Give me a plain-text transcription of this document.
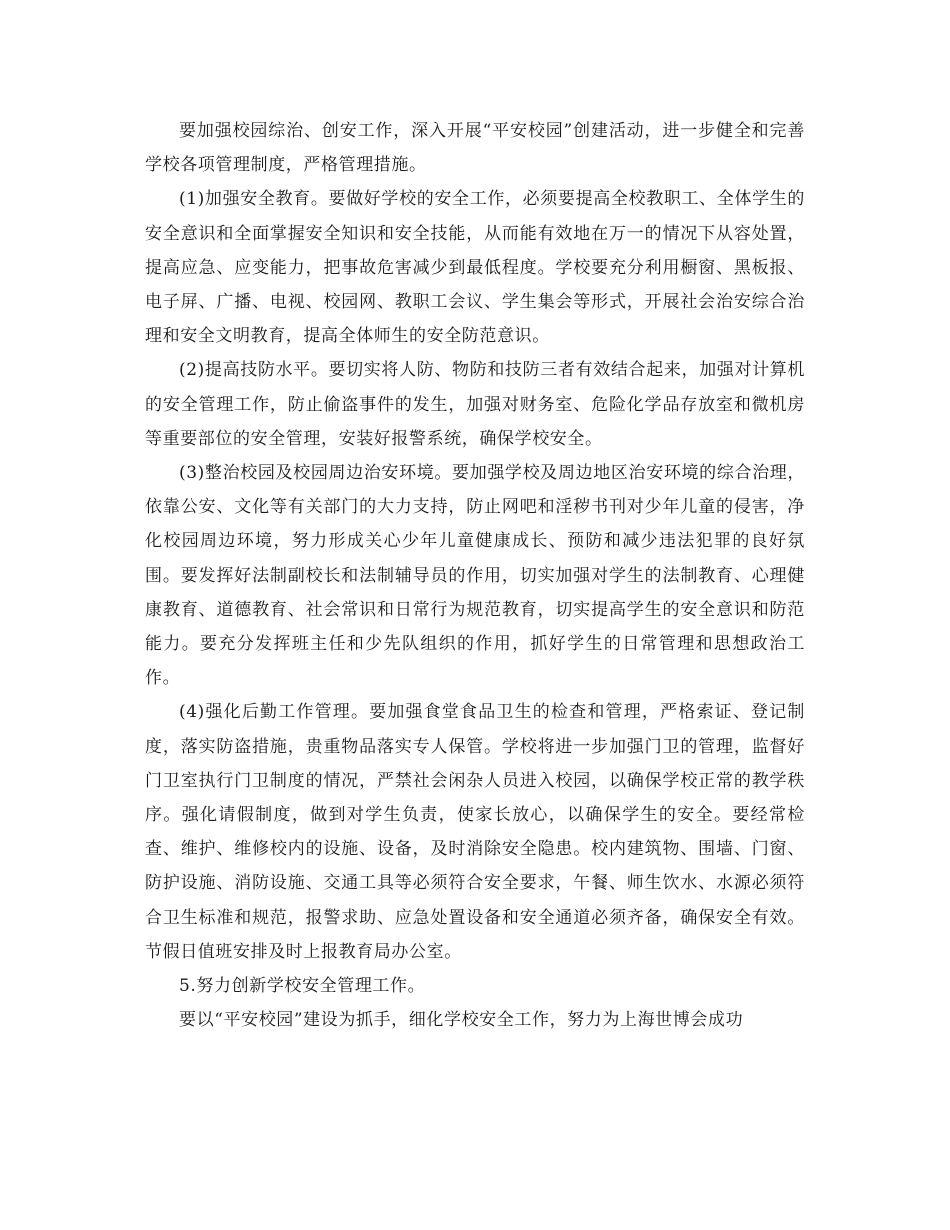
要加强校园综治、创安工作，深入开展“平安校园”创建活动，进一步健全和完善学校各项管理制度，严格管理措施。

(1)加强安全教育。要做好学校的安全工作，必须要提高全校教职工、全体学生的安全意识和全面掌握安全知识和安全技能，从而能有效地在万一的情况下从容处置，提高应急、应变能力，把事故危害减少到最低程度。学校要充分利用橱窗、黑板报、电子屏、广播、电视、校园网、教职工会议、学生集会等形式，开展社会治安综合治理和安全文明教育，提高全体师生的安全防范意识。

(2)提高技防水平。要切实将人防、物防和技防三者有效结合起来，加强对计算机的安全管理工作，防止偷盗事件的发生，加强对财务室、危险化学品存放室和微机房等重要部位的安全管理，安装好报警系统，确保学校安全。

(3)整治校园及校园周边治安环境。要加强学校及周边地区治安环境的综合治理，依靠公安、文化等有关部门的大力支持，防止网吧和淫秽书刊对少年儿童的侵害，净化校园周边环境，努力形成关心少年儿童健康成长、预防和减少违法犯罪的良好氛围。要发挥好法制副校长和法制辅导员的作用，切实加强对学生的法制教育、心理健康教育、道德教育、社会常识和日常行为规范教育，切实提高学生的安全意识和防范能力。要充分发挥班主任和少先队组织的作用，抓好学生的日常管理和思想政治工作。

(4)强化后勤工作管理。要加强食堂食品卫生的检查和管理，严格索证、登记制度，落实防盗措施，贵重物品落实专人保管。学校将进一步加强门卫的管理，监督好门卫室执行门卫制度的情况，严禁社会闲杂人员进入校园，以确保学校正常的教学秩序。强化请假制度，做到对学生负责，使家长放心，以确保学生的安全。要经常检查、维护、维修校内的设施、设备，及时消除安全隐患。校内建筑物、围墙、门窗、防护设施、消防设施、交通工具等必须符合安全要求，午餐、师生饮水、水源必须符合卫生标准和规范，报警求助、应急处置设备和安全通道必须齐备，确保安全有效。节假日值班安排及时上报教育局办公室。

5.努力创新学校安全管理工作。

要以“平安校园”建设为抓手，细化学校安全工作，努力为上海世博会成功
